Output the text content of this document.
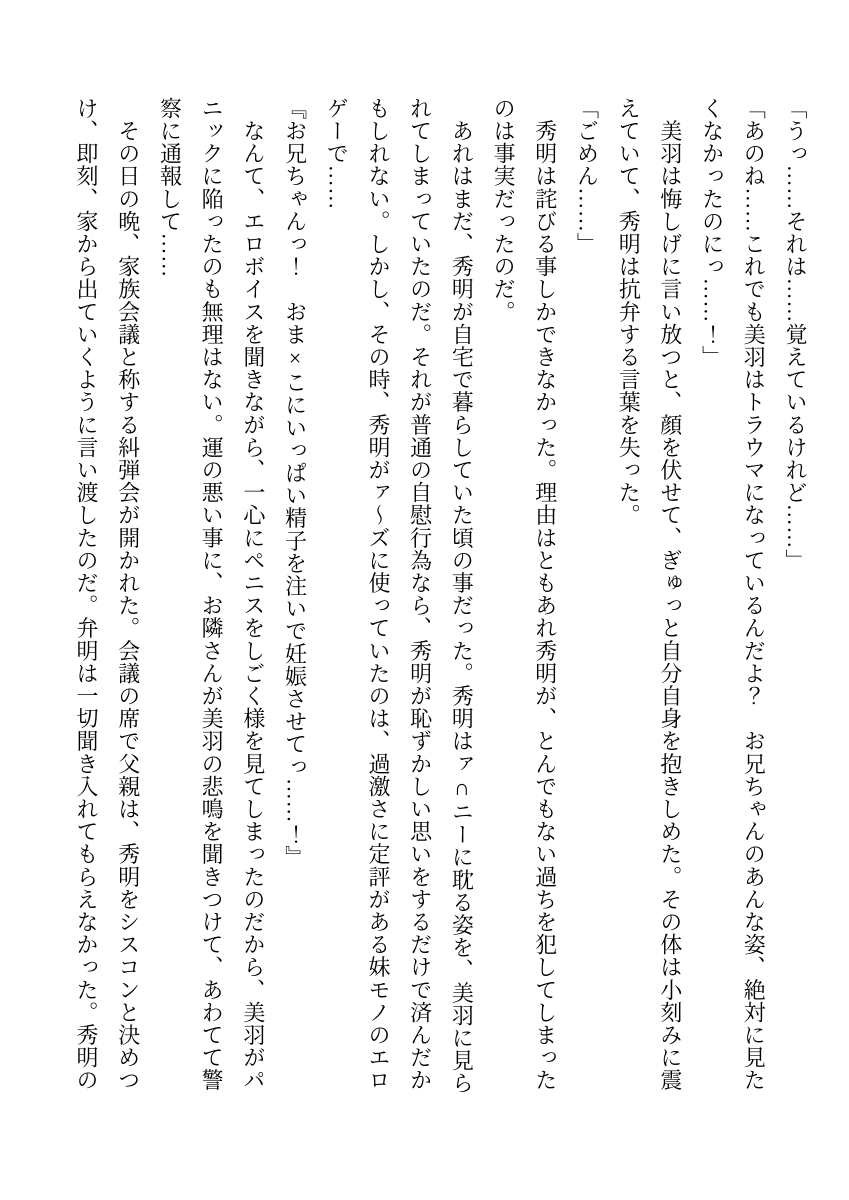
「うっ……それは……覚えているけれど……」
「あのね……これでも美羽はトラウマになっているんだよ？　お兄ちゃんのあんな姿、絶対に見た
くなかったのにっ……！」
　美羽は悔しげに言い放つと、顔を伏せて、ぎゅっと自分自身を抱きしめた。その体は小刻みに震
えていて、秀明は抗弁する言葉を失った。
「ごめん……」
　秀明は詫びる事しかできなかった。理由はともあれ秀明が、とんでもない過ちを犯してしまった
のは事実だったのだ。
　あれはまだ、秀明が自宅で暮らしていた頃の事だった。秀明はァ∩ニーに耽る姿を、美羽に見ら
れてしまっていたのだ。それが普通の自慰行為なら、秀明が恥ずかしい思いをするだけで済んだか
もしれない。しかし、その時、秀明がァ〜ズに使っていたのは、過激さに定評がある妹モノのエロ
ゲーで……
『お兄ちゃんっ！　おま×こにいっぱい精子を注いで妊娠させてっ……！』
　なんて、エロボイスを聞きながら、一心にペニスをしごく様を見てしまったのだから、美羽がパ
ニックに陥ったのも無理はない。運の悪い事に、お隣さんが美羽の悲鳴を聞きつけて、あわてて警
察に通報して……
　その日の晩、家族会議と称する糾弾会が開かれた。会議の席で父親は、秀明をシスコンと決めつ
け、即刻、家から出ていくように言い渡したのだ。弁明は一切聞き入れてもらえなかった。秀明の
